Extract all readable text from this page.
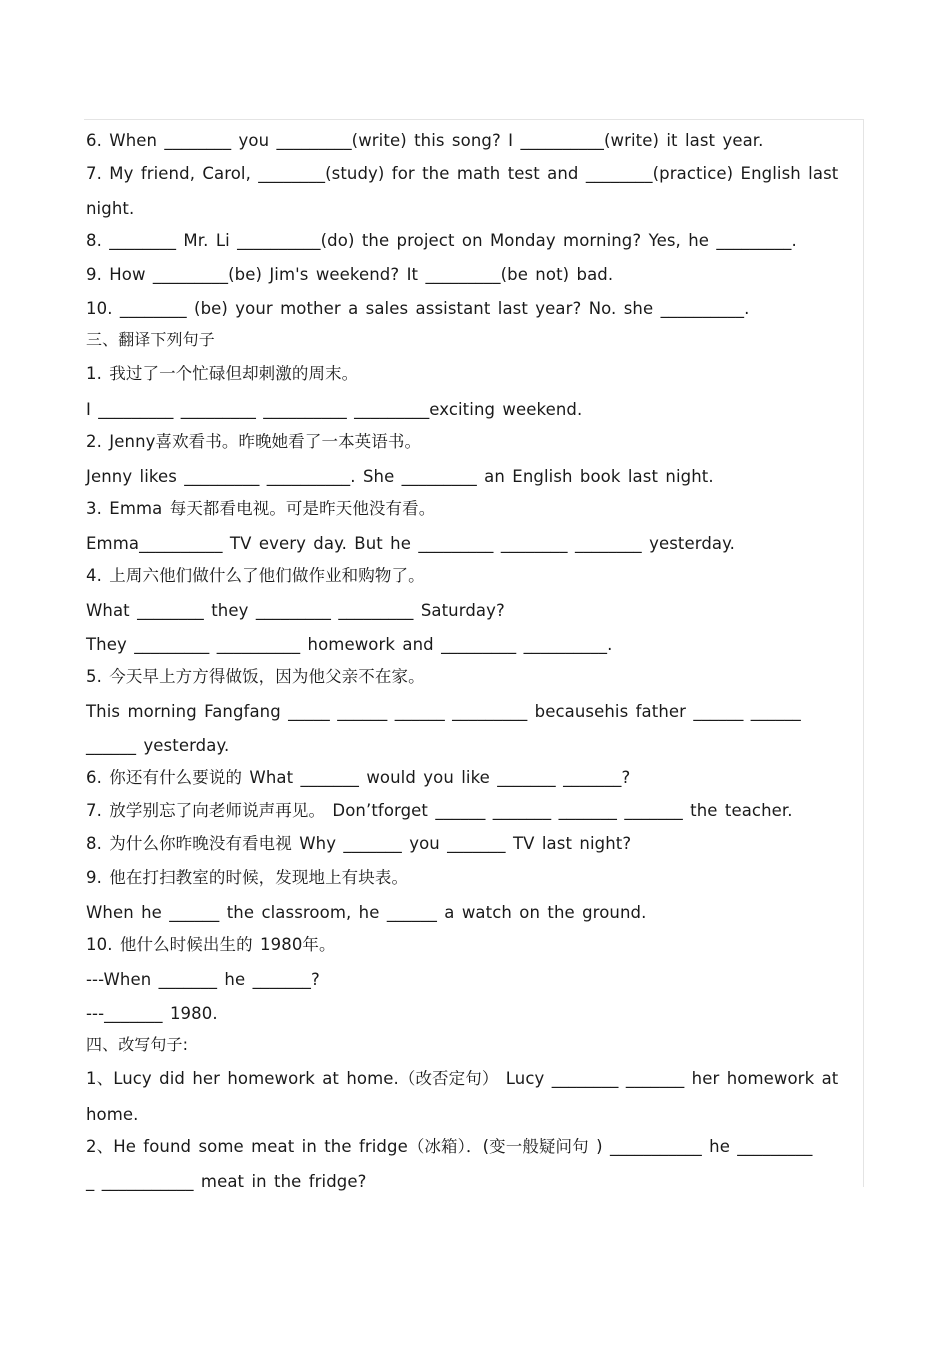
6. When ________ you _________(write) this song? I __________(write) it last year.
7. My friend, Carol, ________(study) for the math test and ________(practice) English last
night.
8. ________ Mr. Li __________(do) the project on Monday morning? Yes, he _________.
9. How _________(be) Jim's weekend? It _________(be not) bad.
10. ________ (be) your mother a sales assistant last year? No. she __________.
三、翻译下列句子
1. 我过了一个忙碌但却刺激的周末。
I _________ _________ __________ _________exciting weekend.
2. Jenny喜欢看书。昨晚她看了一本英语书。
Jenny likes _________ __________. She _________ an English book last night.
3. Emma 每天都看电视。可是昨天他没有看。
Emma__________ TV every day. But he _________ ________ ________ yesterday.
4. 上周六他们做什么了他们做作业和购物了。
What ________ they _________ _________ Saturday?
They _________ __________ homework and _________ __________.
5. 今天早上方方得做饭，因为他父亲不在家。
This morning Fangfang _____ ______ ______ _________ becausehis father ______ ______
______ yesterday.
6. 你还有什么要说的 What _______ would you like _______ _______?
7. 放学别忘了向老师说声再见。 Don’tforget ______ _______ _______ _______ the teacher.
8. 为什么你昨晚没有看电视 Why _______ you _______ TV last night?
9. 他在打扫教室的时候，发现地上有块表。
When he ______ the classroom, he ______ a watch on the ground.
10. 他什么时候出生的 1980年。
---When _______ he _______?
---_______ 1980.
四、改写句子:
1、Lucy did her homework at home.（改否定句） Lucy ________ _______ her homework at
home.
2、He found some meat in the fridge（冰箱）．(变一般疑问句 ) ___________ he _________
_ ___________ meat in the fridge?
